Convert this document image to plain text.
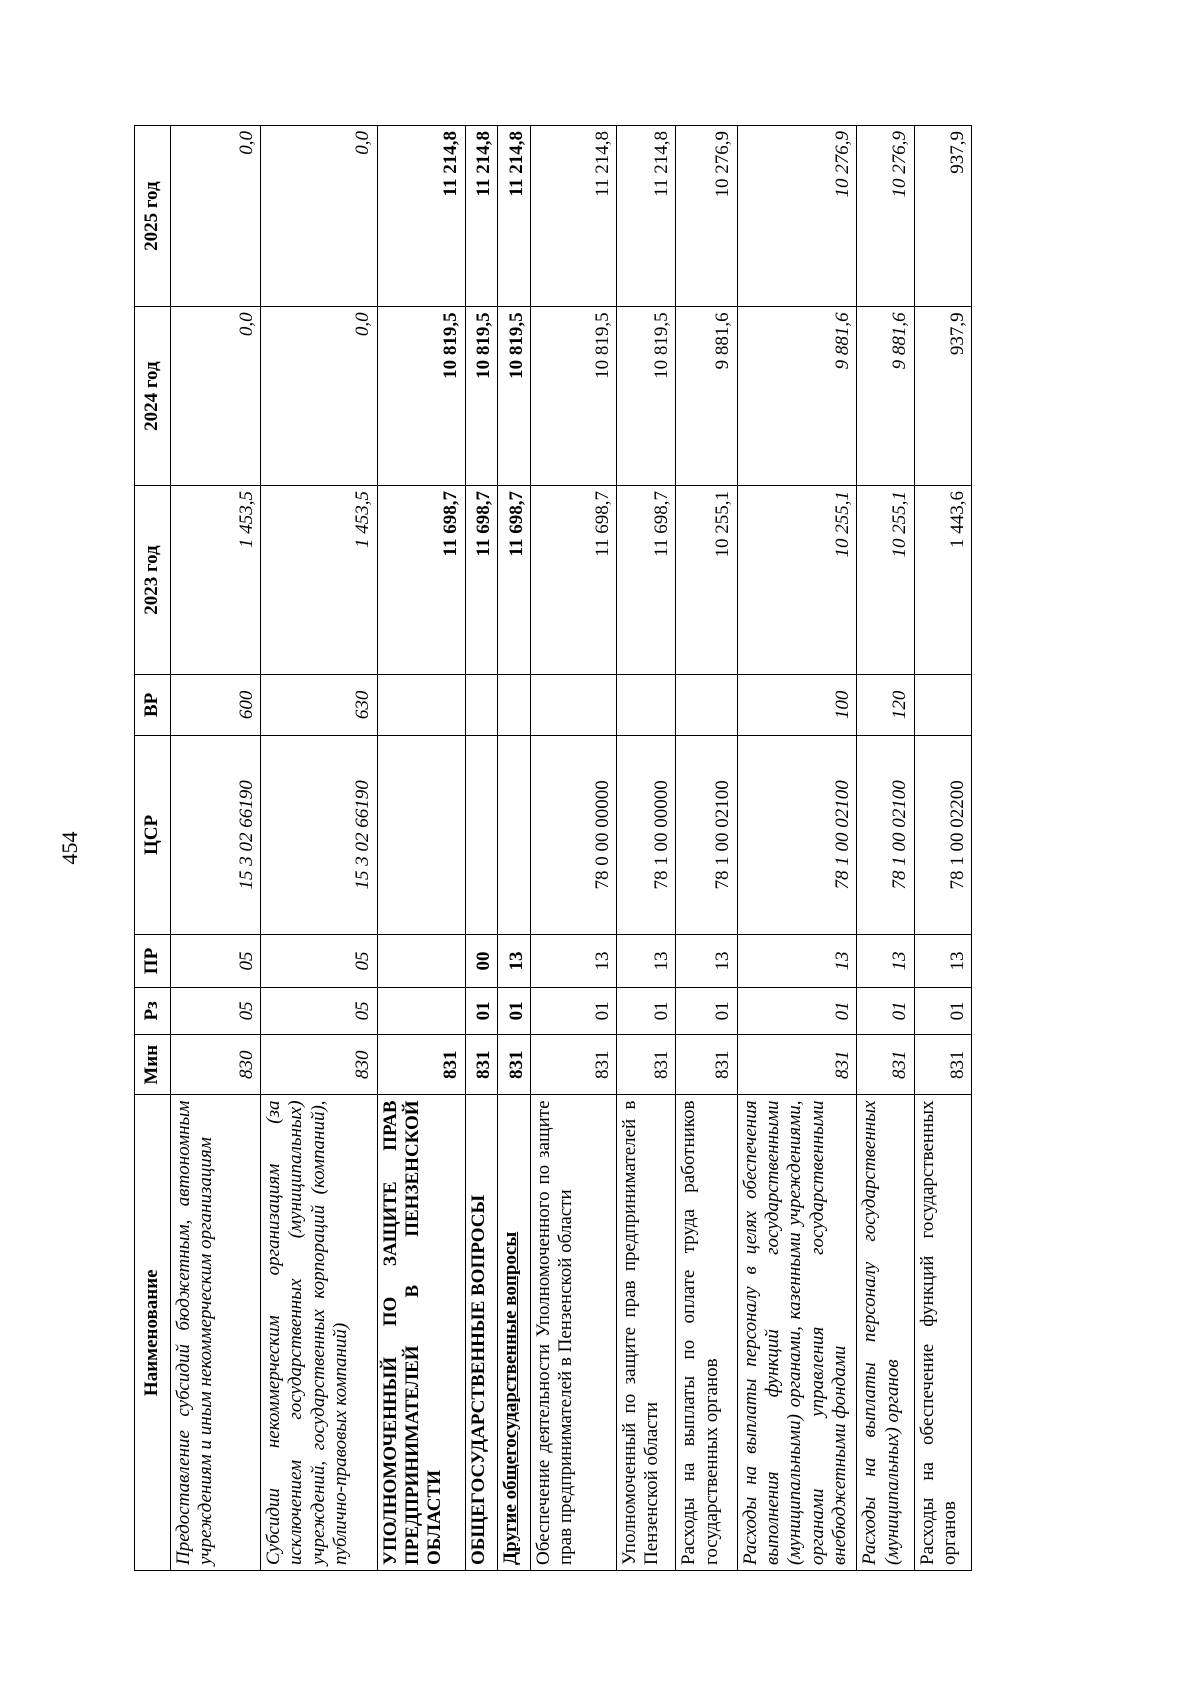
454
Наименование	Мин	Рз	ПР	ЦСР	ВР	2023 год	2024 год	2025 год
Предоставление субсидий бюджетным, автономным учреждениям и иным некоммерческим организациям	830	05	05	15 3 02 66190	600	1 453,5	0,0	0,0
Субсидии некоммерческим организациям (за исключением государственных (муниципальных) учреждений, государственных корпораций (компаний), публично-правовых компаний)	830	05	05	15 3 02 66190	630	1 453,5	0,0	0,0
УПОЛНОМОЧЕННЫЙ ПО ЗАЩИТЕ ПРАВ ПРЕДПРИНИМАТЕЛЕЙ В ПЕНЗЕНСКОЙ ОБЛАСТИ	831					11 698,7	10 819,5	11 214,8
ОБЩЕГОСУДАРСТВЕННЫЕ ВОПРОСЫ	831	01	00			11 698,7	10 819,5	11 214,8
Другие общегосударственные вопросы	831	01	13			11 698,7	10 819,5	11 214,8
Обеспечение деятельности Уполномоченного по защите прав предпринимателей в Пензенской области	831	01	13	78 0 00 00000		11 698,7	10 819,5	11 214,8
Уполномоченный по защите прав предпринимателей в Пензенской области	831	01	13	78 1 00 00000		11 698,7	10 819,5	11 214,8
Расходы на выплаты по оплате труда работников государственных органов	831	01	13	78 1 00 02100		10 255,1	9 881,6	10 276,9
Расходы на выплаты персоналу в целях обеспечения выполнения функций государственными (муниципальными) органами, казенными учреждениями, органами управления государственными внебюджетными фондами	831	01	13	78 1 00 02100	100	10 255,1	9 881,6	10 276,9
Расходы на выплаты персоналу государственных (муниципальных) органов	831	01	13	78 1 00 02100	120	10 255,1	9 881,6	10 276,9
Расходы на обеспечение функций государственных органов	831	01	13	78 1 00 02200		1 443,6	937,9	937,9
